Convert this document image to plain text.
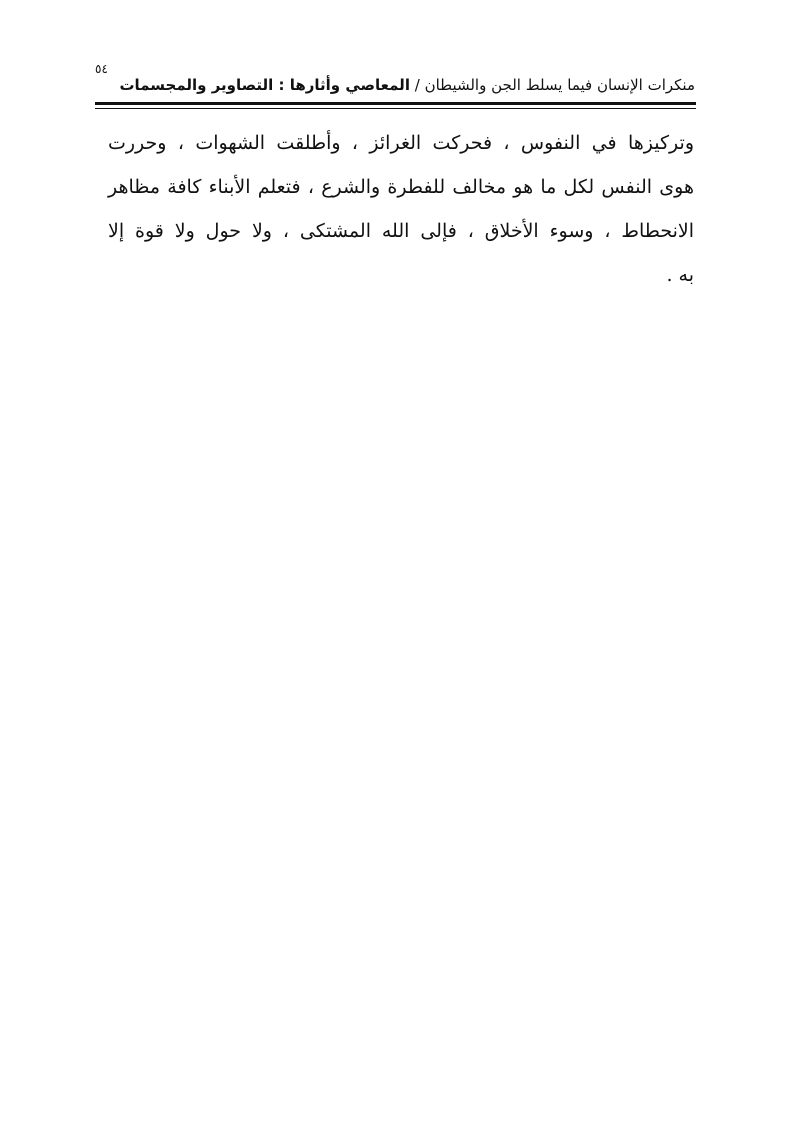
٥٤
منكرات الإنسان فيما يسلط الجن والشيطان / المعاصي وأثارها : التصاوير والمجسمات
وتركيزها في النفوس ، فحركت الغرائز ، وأطلقت الشهوات ، وحررت
هوى النفس لكل ما هو مخالف للفطرة والشرع ، فتعلم الأبناء كافة مظاهر
الانحطاط ، وسوء الأخلاق ، فإلى الله المشتكى ، ولا حول ولا قوة إلا
به .
